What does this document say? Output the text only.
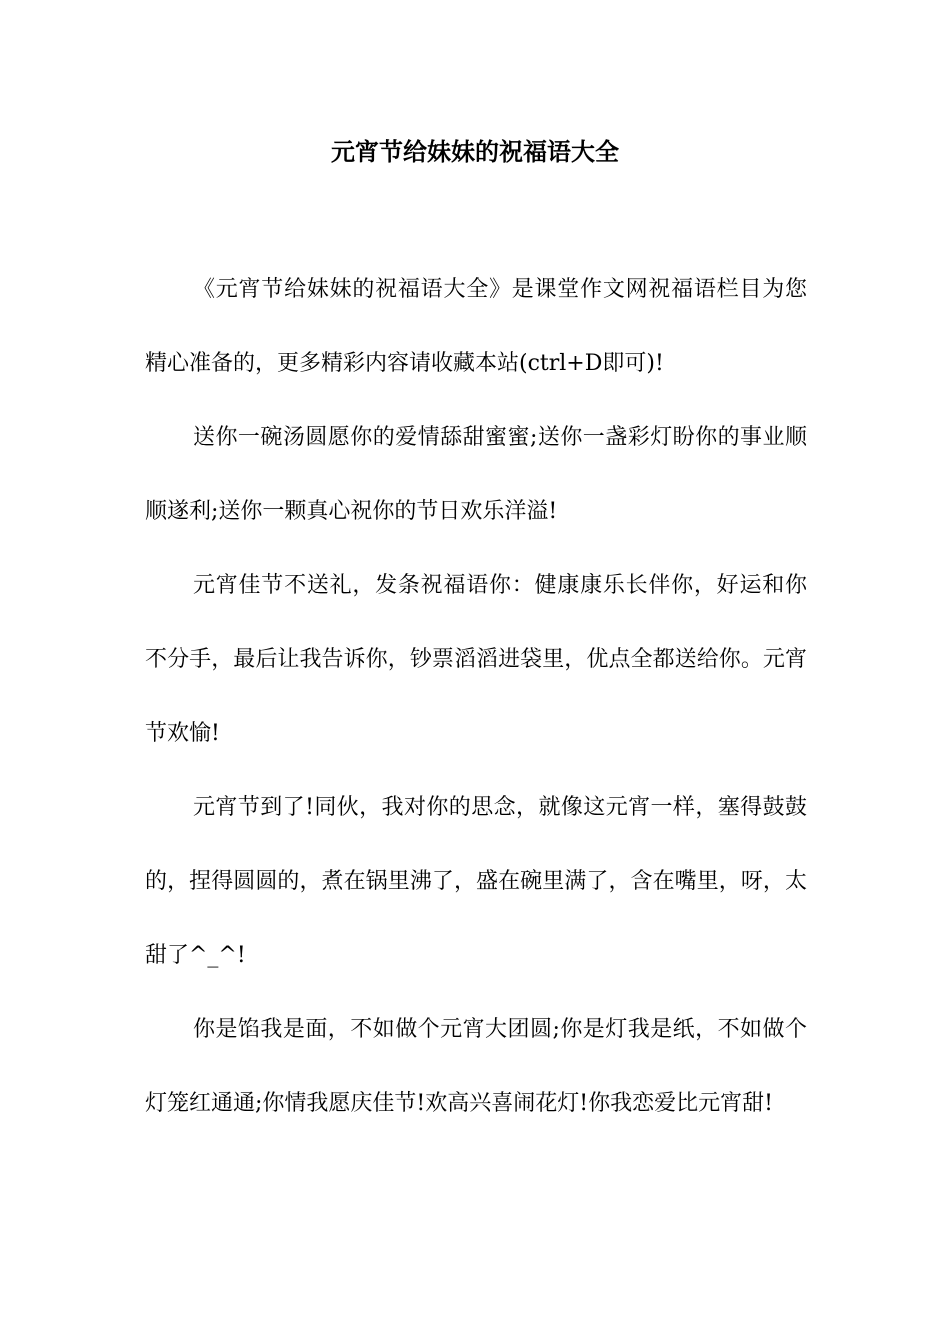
元宵节给妹妹的祝福语大全

《元宵节给妹妹的祝福语大全》是课堂作文网祝福语栏目为您精心准备的，更多精彩内容请收藏本站(ctrl+D即可)!

送你一碗汤圆愿你的爱情舔甜蜜蜜;送你一盏彩灯盼你的事业顺顺遂利;送你一颗真心祝你的节日欢乐洋溢!

元宵佳节不送礼，发条祝福语你：健康康乐长伴你，好运和你不分手，最后让我告诉你，钞票滔滔进袋里，优点全都送给你。元宵节欢愉!

元宵节到了!同伙，我对你的思念，就像这元宵一样，塞得鼓鼓的，捏得圆圆的，煮在锅里沸了，盛在碗里满了，含在嘴里，呀，太甜了^_^!

你是馅我是面，不如做个元宵大团圆;你是灯我是纸，不如做个灯笼红通通;你情我愿庆佳节!欢高兴喜闹花灯!你我恋爱比元宵甜!
